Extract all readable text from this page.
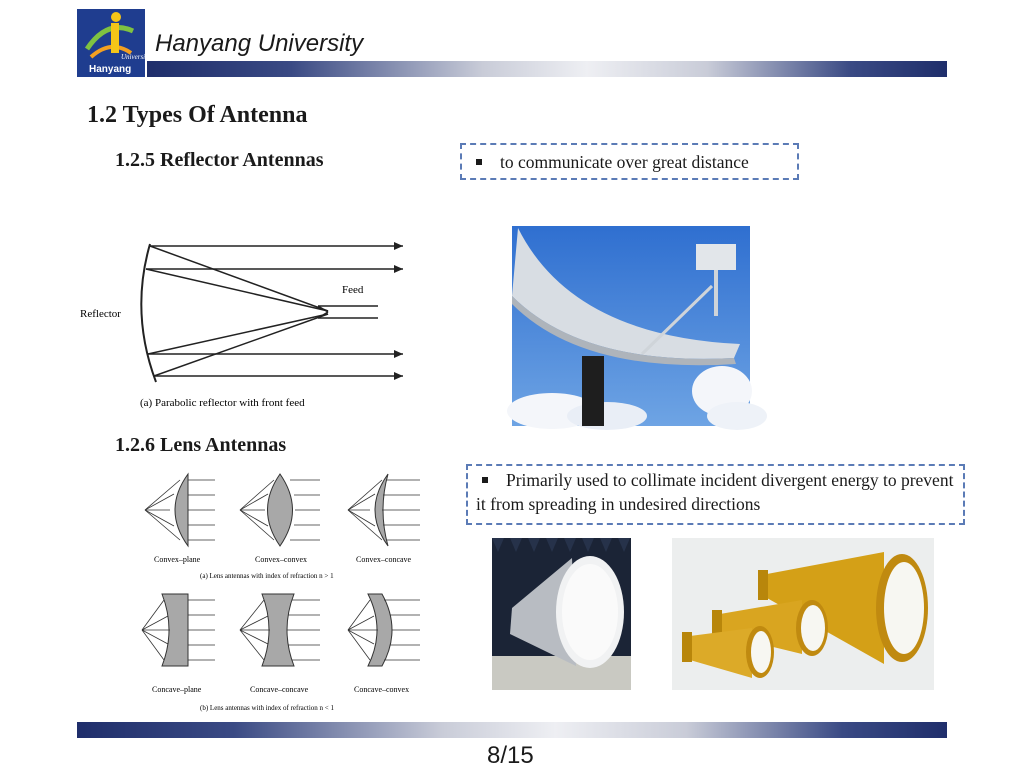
University
Hanyang
Hanyang University
1.2 Types Of Antenna
1.2.5 Reflector Antennas	to communicate over great distance
Reflector
Feed
(a) Parabolic reflector with front feed
1.2.6 Lens Antennas
Primarily used to collimate incident divergent energy to prevent it from spreading in undesired directions
Convex–plane	Convex–convex	Convex–concave
(a) Lens antennas with index of refraction n > 1
Concave–plane	Concave–concave	Concave–convex
(b) Lens antennas with index of refraction n < 1
8/15
